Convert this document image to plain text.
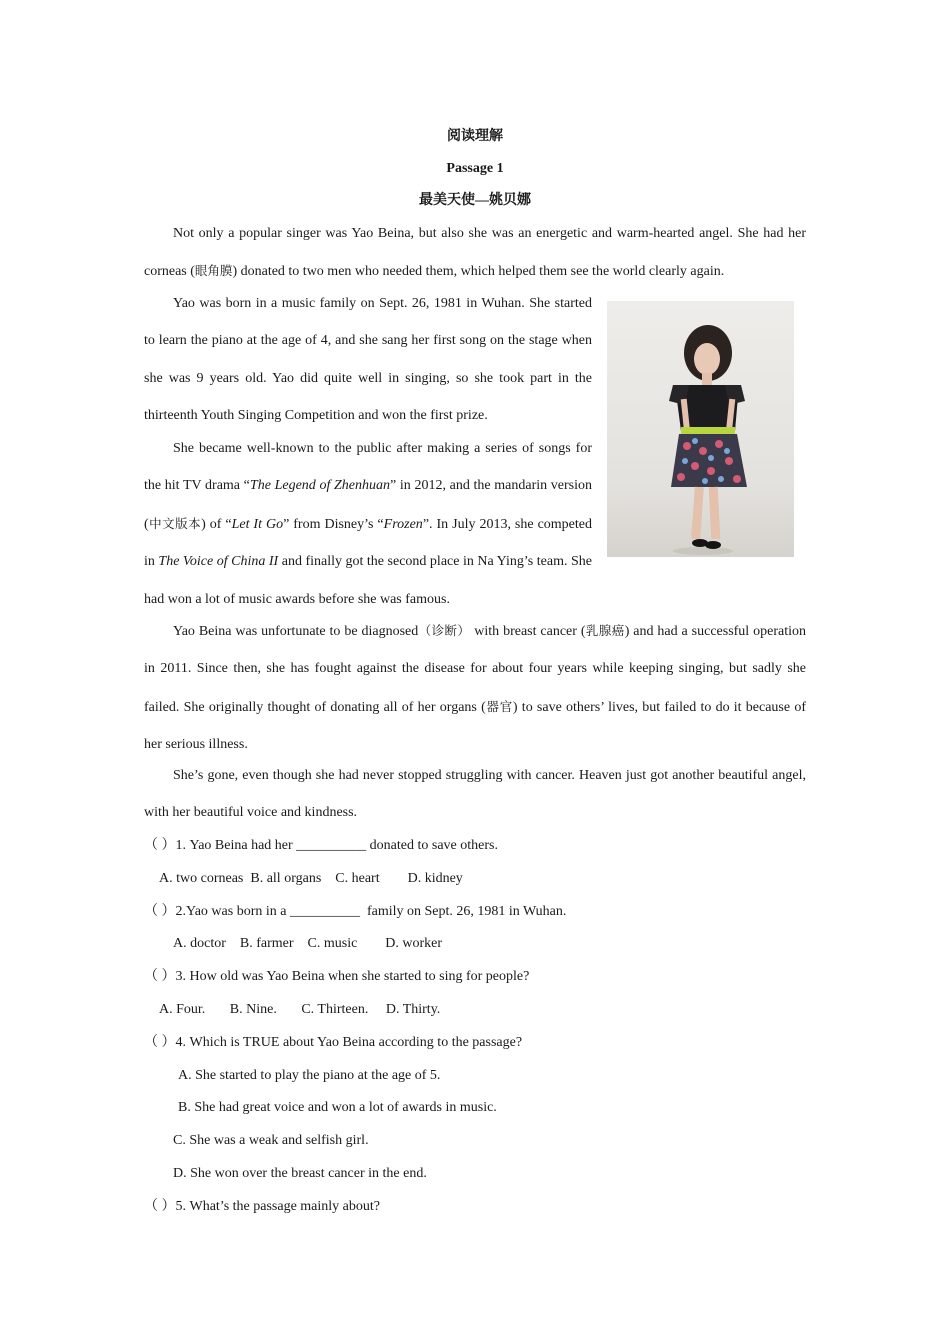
阅读理解
Passage 1
最美天使—姚贝娜

Not only a popular singer was Yao Beina, but also she was an energetic and warm-hearted angel. She had her corneas (眼角膜) donated to two men who needed them, which helped them see the world clearly again.

Yao was born in a music family on Sept. 26, 1981 in Wuhan. She started to learn the piano at the age of 4, and she sang her first song on the stage when she was 9 years old. Yao did quite well in singing, so she took part in the thirteenth Youth Singing Competition and won the first prize.

She became well-known to the public after making a series of songs for the hit TV drama “The Legend of Zhenhuan” in 2012, and the mandarin version (中文版本) of “Let It Go” from Disney’s “Frozen”. In July 2013, she competed in The Voice of China II and finally got the second place in Na Ying’s team. She had won a lot of music awards before she was famous.

Yao Beina was unfortunate to be diagnosed（诊断） with breast cancer (乳腺癌) and had a successful operation in 2011. Since then, she has fought against the disease for about four years while keeping singing, but sadly she failed. She originally thought of donating all of her organs (器官) to save others’ lives, but failed to do it because of her serious illness.

She’s gone, even though she had never stopped struggling with cancer. Heaven just got another beautiful angel, with her beautiful voice and kindness.

（ ）1. Yao Beina had her __________ donated to save others.
A. two corneas  B. all organs    C. heart        D. kidney
（ ）2.Yao was born in a __________  family on Sept. 26, 1981 in Wuhan.
A. doctor    B. farmer    C. music        D. worker
（ ）3. How old was Yao Beina when she started to sing for people?
A. Four.       B. Nine.       C. Thirteen.     D. Thirty.
（ ）4. Which is TRUE about Yao Beina according to the passage?
A. She started to play the piano at the age of 5.
B. She had great voice and won a lot of awards in music.
C. She was a weak and selfish girl.
D. She won over the breast cancer in the end.
（ ）5. What’s the passage mainly about?
